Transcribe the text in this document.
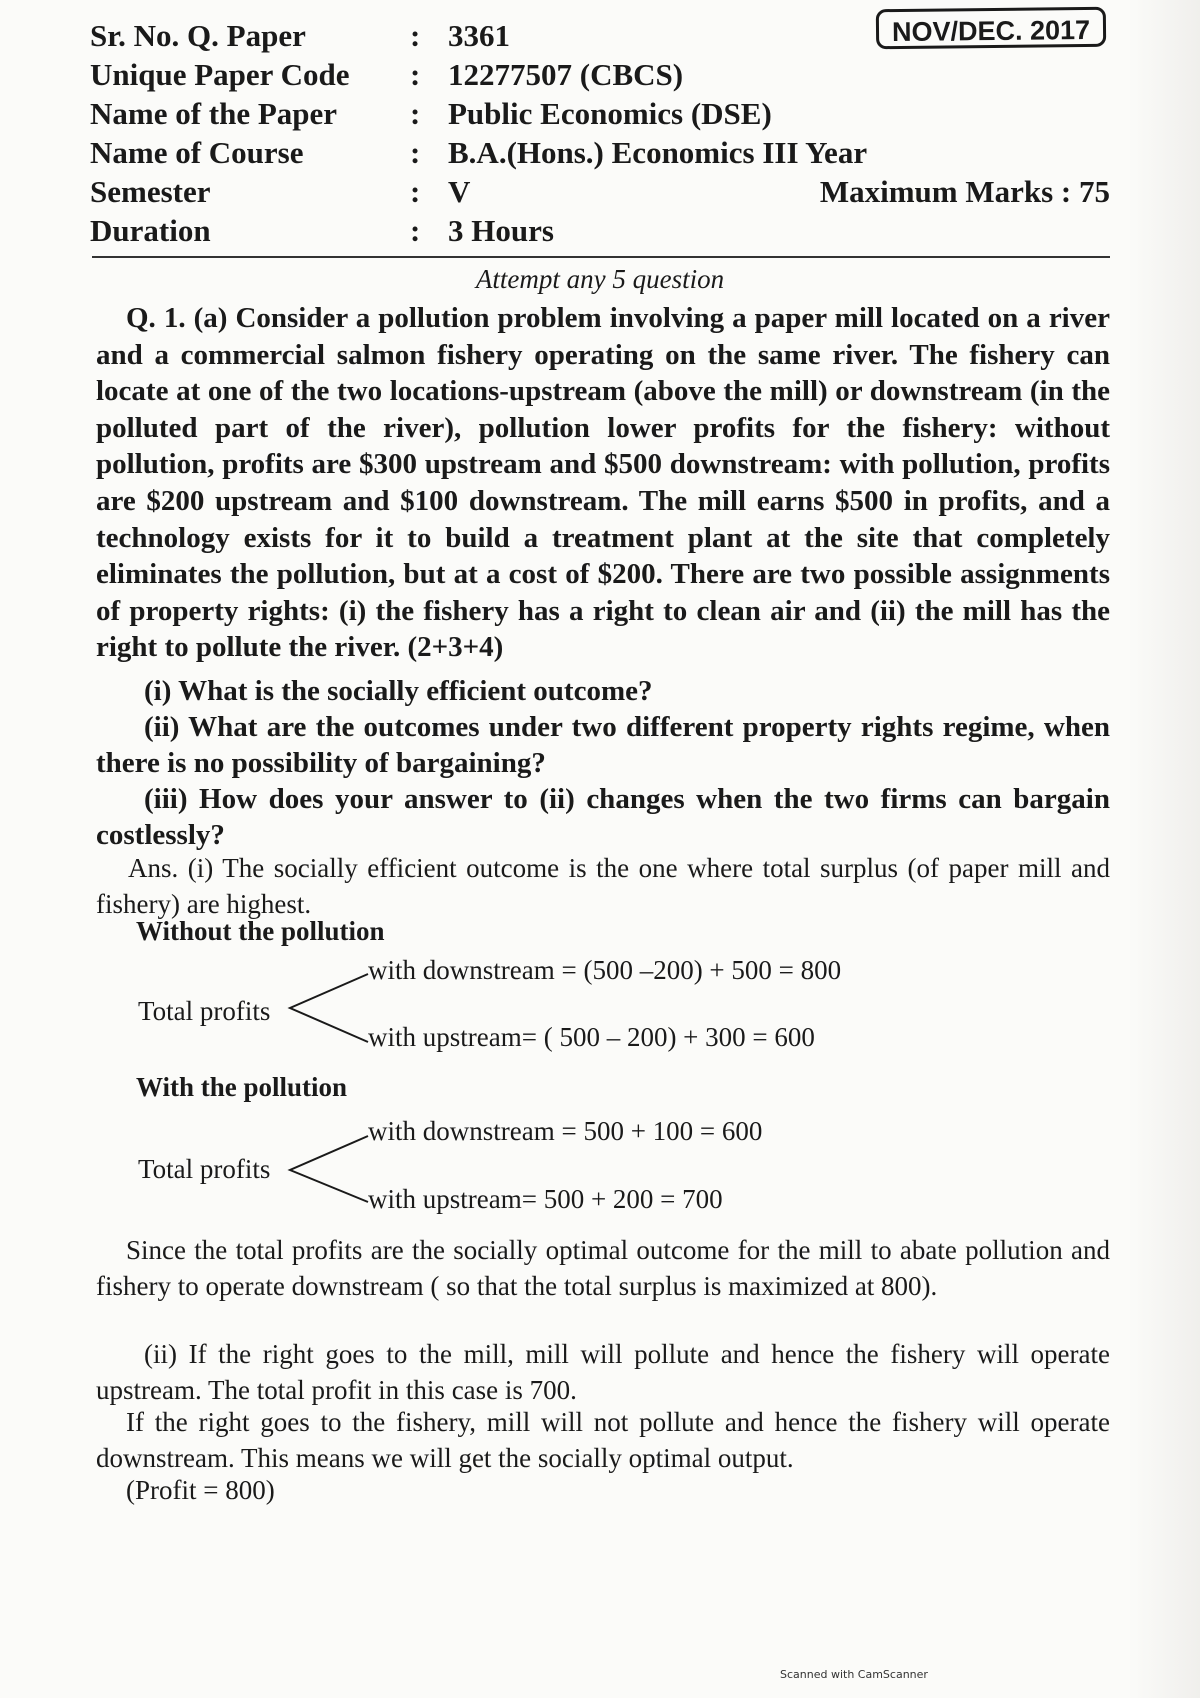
NOV/DEC. 2017
Sr. No. Q. Paper	: 3361
Unique Paper Code : 12277507 (CBCS)
Name of the Paper : Public Economics (DSE)
Name of Course	: B.A.(Hons.) Economics III Year
Semester	: V	Maximum Marks : 75
Duration	: 3 Hours
Attempt any 5 question
Q. 1. (a) Consider a pollution problem involving a paper mill located on a river and a commercial salmon fishery operating on the same river. The fishery can locate at one of the two locations-upstream (above the mill) or downstream (in the polluted part of the river), pollution lower profits for the fishery: without pollution, profits are $300 upstream and $500 downstream: with pollution, profits are $200 upstream and $100 downstream. The mill earns $500 in profits, and a technology exists for it to build a treatment plant at the site that completely eliminates the pollution, but at a cost of $200. There are two possible assignments of property rights: (i) the fishery has a right to clean air and (ii) the mill has the right to pollute the river. (2+3+4)
(i) What is the socially efficient outcome?
(ii) What are the outcomes under two different property rights regime, when there is no possibility of bargaining?
(iii) How does your answer to (ii) changes when the two firms can bargain costlessly?
Ans. (i) The socially efficient outcome is the one where total surplus (of paper mill and fishery) are highest.
Without the pollution
with downstream = (500 –200) + 500 = 800
Total profits
with upstream= ( 500 – 200) + 300 = 600
With the pollution
with downstream = 500 + 100 = 600
Total profits
with upstream= 500 + 200 = 700
Since the total profits are the socially optimal outcome for the mill to abate pollution and fishery to operate downstream ( so that the total surplus is maximized at 800).
(ii) If the right goes to the mill, mill will pollute and hence the fishery will operate upstream. The total profit in this case is 700.
If the right goes to the fishery, mill will not pollute and hence the fishery will operate downstream. This means we will get the socially optimal output.
(Profit = 800)
Scanned with CamScanner
